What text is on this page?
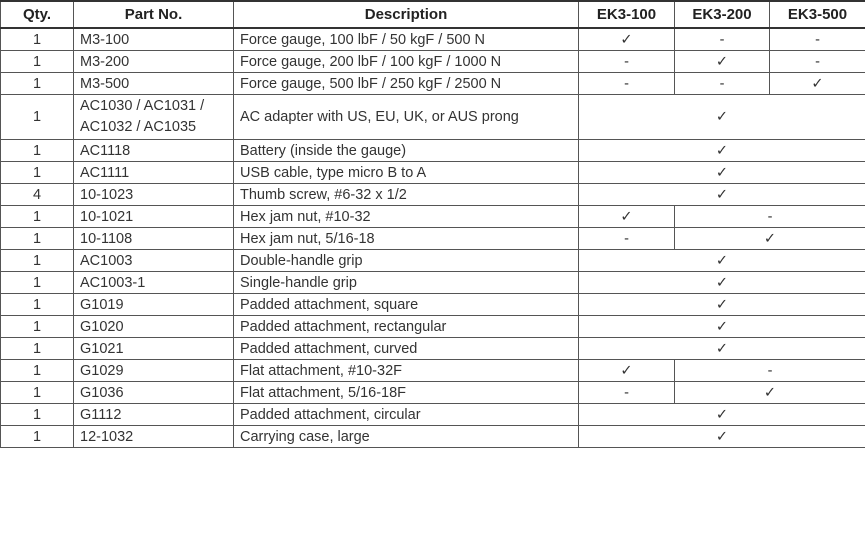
Qty.	Part No.	Description	EK3-100	EK3-200	EK3-500
1	M3-100	Force gauge, 100 lbF / 50 kgF / 500 N	✓	-	-
1	M3-200	Force gauge, 200 lbF / 100 kgF / 1000 N	-	✓	-
1	M3-500	Force gauge, 500 lbF / 250 kgF / 2500 N	-	-	✓
1	AC1030 / AC1031 / AC1032 / AC1035	AC adapter with US, EU, UK, or AUS prong	✓		
1	AC1118	Battery (inside the gauge)	✓		
1	AC1111	USB cable, type micro B to A	✓		
4	10-1023	Thumb screw, #6-32 x 1/2	✓		
1	10-1021	Hex jam nut, #10-32	✓	-	
1	10-1108	Hex jam nut, 5/16-18	-	✓	
1	AC1003	Double-handle grip	✓		
1	AC1003-1	Single-handle grip	✓		
1	G1019	Padded attachment, square	✓		
1	G1020	Padded attachment, rectangular	✓		
1	G1021	Padded attachment, curved	✓		
1	G1029	Flat attachment, #10-32F	✓	-	
1	G1036	Flat attachment, 5/16-18F	-	✓	
1	G1112	Padded attachment, circular	✓		
1	12-1032	Carrying case, large	✓		
